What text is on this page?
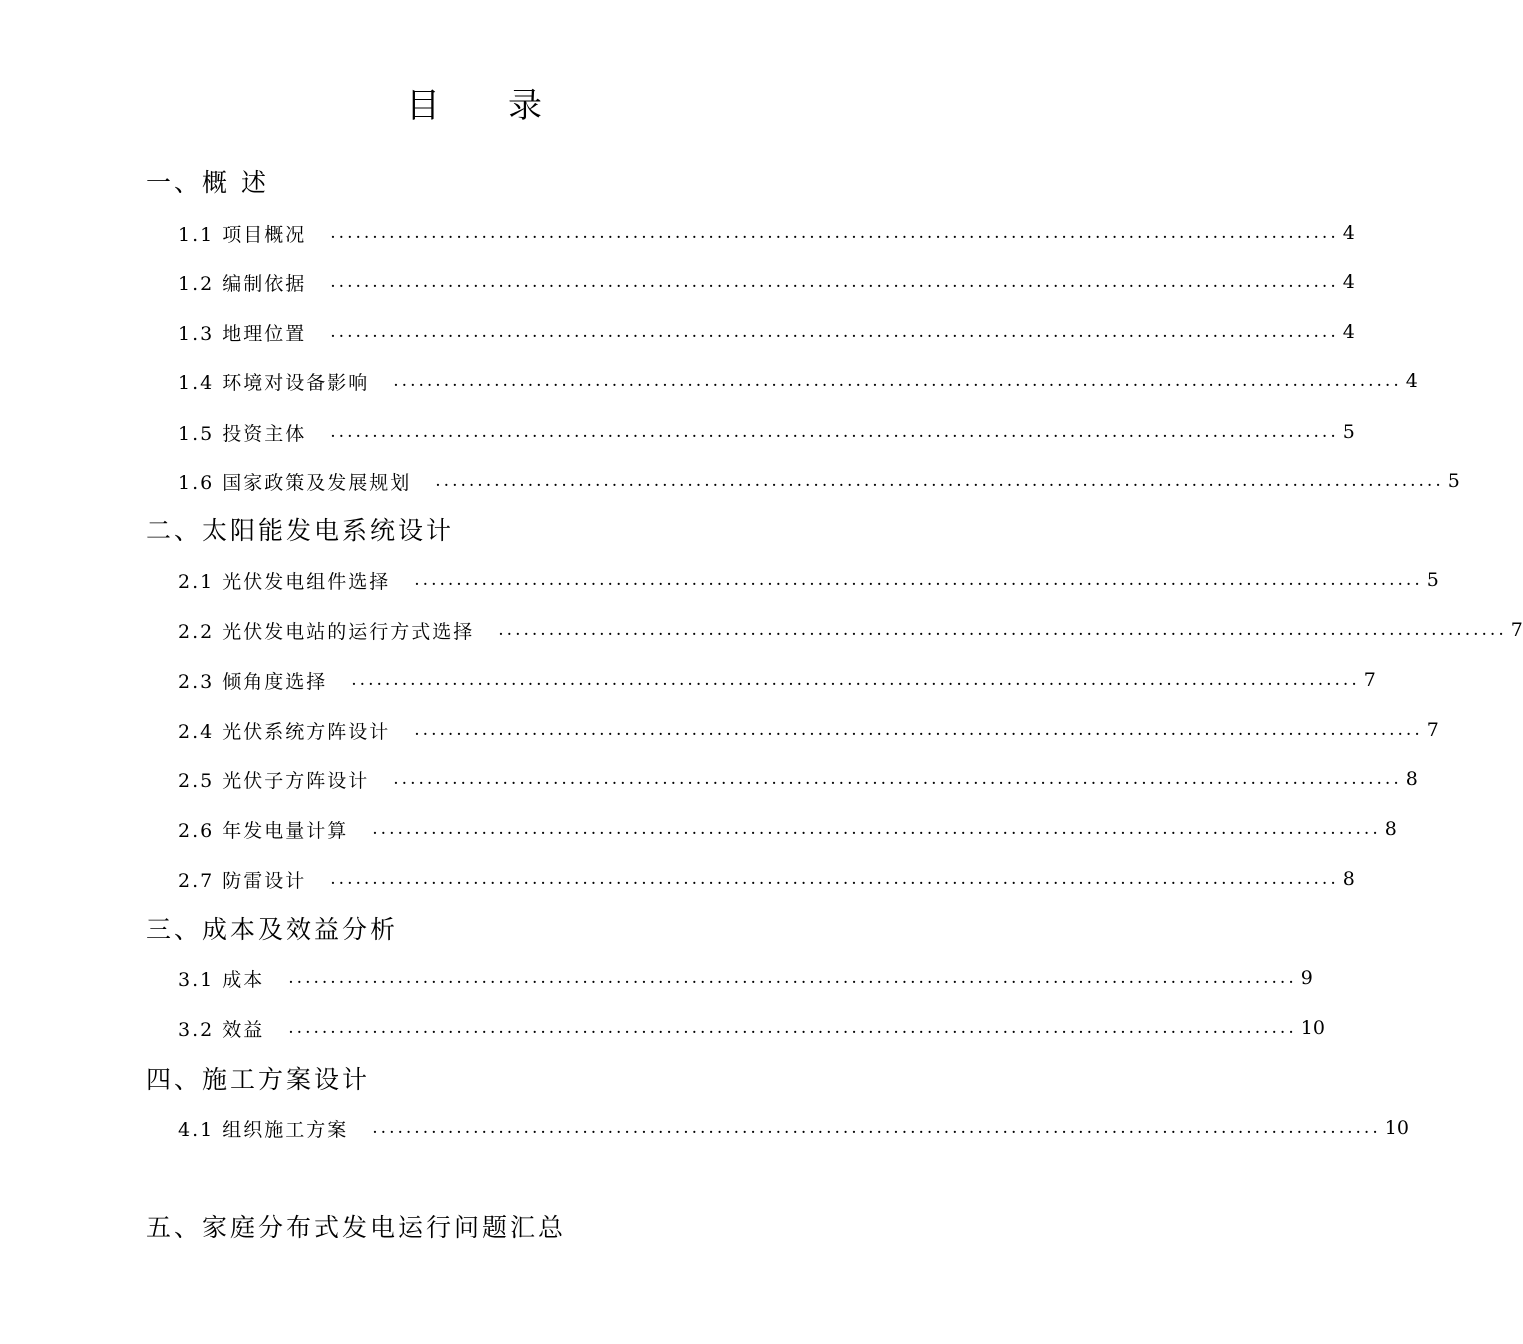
目 录
一、概 述
1.1 项目概况 ........................................................................................................................ 4
1.2 编制依据 ........................................................................................................................ 4
1.3 地理位置 ........................................................................................................................ 4
1.4 环境对设备影响 ........................................................................................................................ 4
1.5 投资主体 ........................................................................................................................ 5
1.6 国家政策及发展规划 ........................................................................................................................ 5
二、太阳能发电系统设计
2.1 光伏发电组件选择 ........................................................................................................................ 5
2.2 光伏发电站的运行方式选择 ........................................................................................................................ 7
2.3 倾角度选择 ........................................................................................................................ 7
2.4 光伏系统方阵设计 ........................................................................................................................ 7
2.5 光伏子方阵设计 ........................................................................................................................ 8
2.6 年发电量计算 ........................................................................................................................ 8
2.7 防雷设计 ........................................................................................................................ 8
三、成本及效益分析
3.1 成本 ........................................................................................................................ 9
3.2 效益 ........................................................................................................................ 10
四、施工方案设计
4.1 组织施工方案 ........................................................................................................................ 10
五、家庭分布式发电运行问题汇总
